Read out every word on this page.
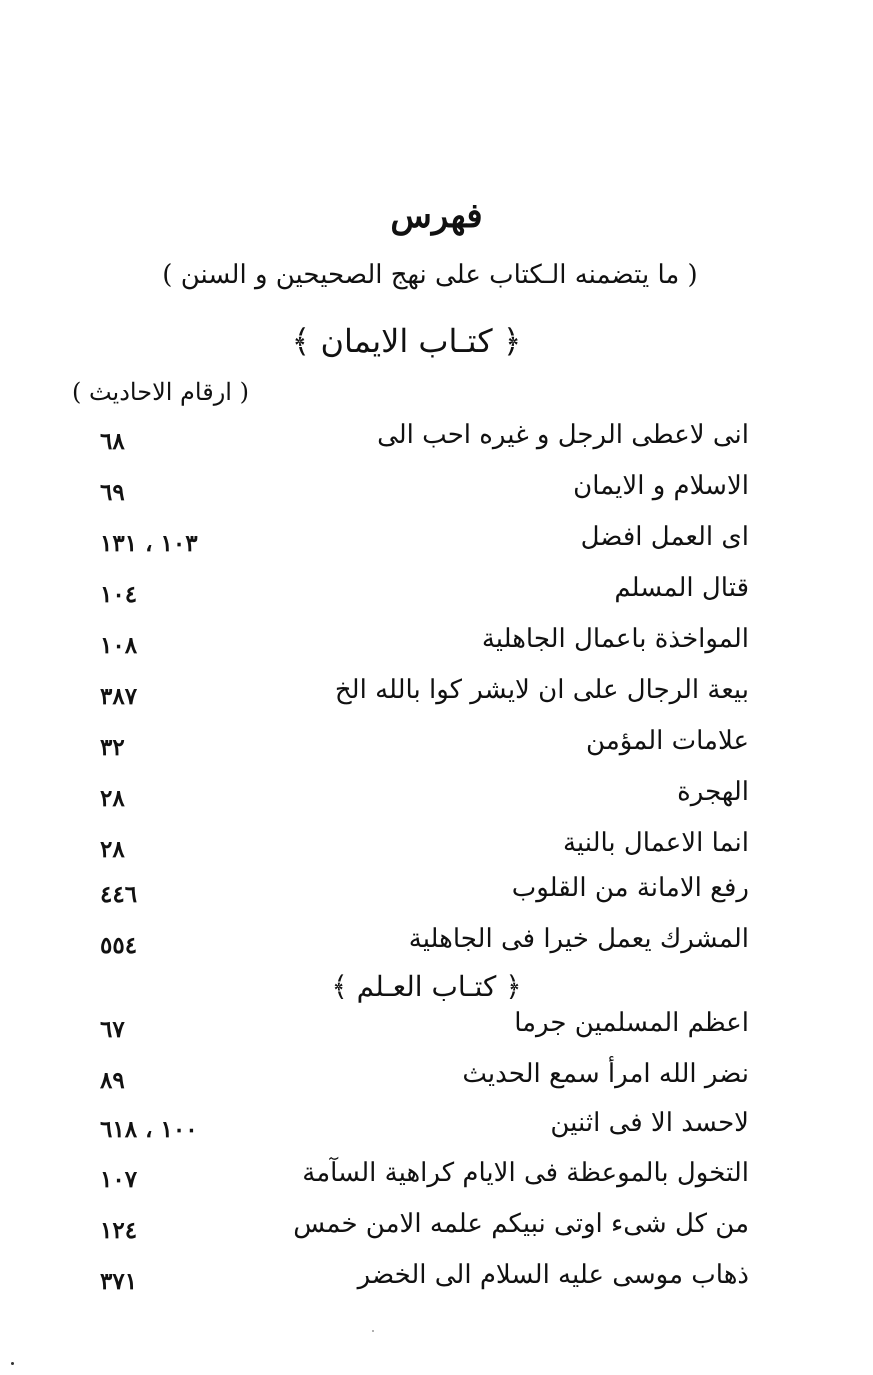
فهرس
( ما يتضمنه الـكتاب على نهج الصحيحين و السنن )
﴿ كتـاب الايمان ﴾
( ارقام الاحاديث )
انی لاعطی الرجل و غيره احب الی
٦٨
الاسلام و الايمان
٦٩
ای العمل افضل
١٠٣ ، ١٣١
قتال المسلم
١٠٤
المواخذة باعمال الجاهلية
١٠٨
بيعة الرجال علی ان لايشر كوا بالله الخ
٣٨٧
علامات المؤمن
٣٢
الهجرة
٢٨
انما الاعمال بالنية
٢٨
رفع الامانة من القلوب
٤٤٦
المشرك يعمل خيرا فی الجاهلية
٥٥٤
﴿ كتـاب العـلم ﴾
اعظم المسلمين جرما
٦٧
نضر الله امرأ سمع الحديث
٨٩
لاحسد الا فی اثنين
١٠٠ ، ٦١٨
التخول بالموعظة فی الايام كراهية السآمة
١٠٧
من كل شیء اوتی نبيكم علمه الامن خمس
١٢٤
ذهاب موسی عليه السلام الی الخضر
٣٧١
